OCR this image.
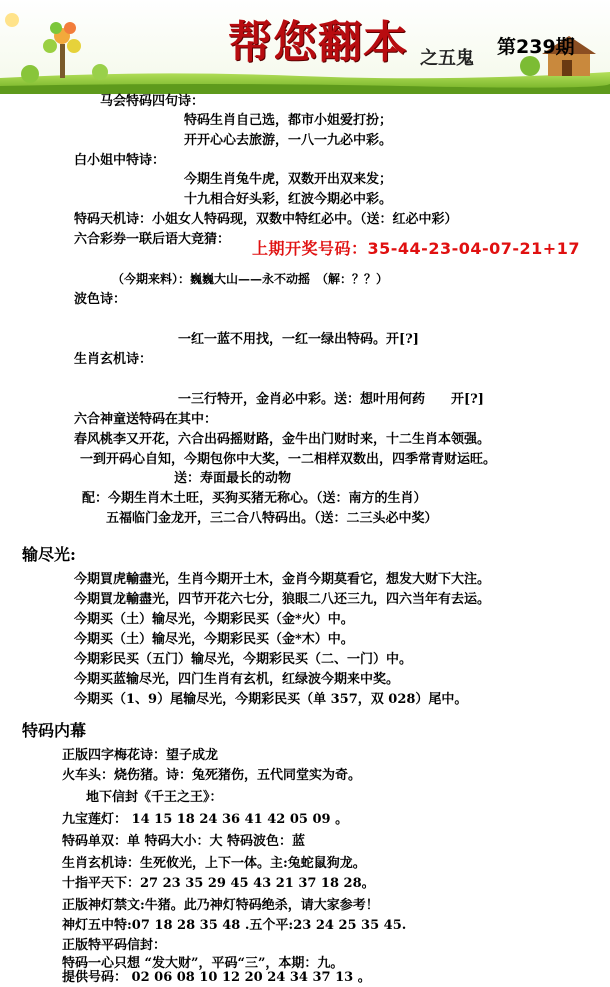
帮您翻本 之五鬼
第239期
马会特码四句诗：
特码生肖自己选，都市小姐爱打扮；
开开心心去旅游，一八一九必中彩。
白小姐中特诗：
今期生肖兔牛虎，双数开出双来发；
十九相合好头彩，红波今期必中彩。
特码天机诗：小姐女人特码现，双数中特红必中。（送：红必中彩）
六合彩券一联后语大竞猜： 上期开奖号码：35-44-23-04-07-21+17
（今期来料）：巍巍大山——永不动摇　（解：？？）
波色诗：
一红一蓝不用找，一红一绿出特码。开[?]
生肖玄机诗：
一三行特开，金肖必中彩。送：想叶用何药　　开[?]
六合神童送特码在其中：
春风桃李又开花，六合出码摇财路，金牛出门财时来，十二生肖本领强。
一到开码心自知，今期包你中大奖，一二相样双数出，四季常青财运旺。
送：寿面最长的动物
配：今期生肖木土旺，买狗买猪无称心。（送：南方的生肖）
五福临门金龙开，三二合八特码出。（送：二三头必中奖）
输尽光:
今期買虎輸盡光，生肖今期开土木，金肖今期莫看它，想发大财下大注。
今期買龙輸盡光，四节开花六七分，狼眼二八还三九，四六当年有去运。
今期买（土）输尽光，今期彩民买（金*火）中。
今期买（土）输尽光，今期彩民买（金*木）中。
今期彩民买（五门）输尽光，今期彩民买（二、一门）中。
今期买蓝输尽光，四门生肖有玄机，红绿波今期来中奖。
今期买（1、9）尾输尽光，今期彩民买（单 357，双 028）尾中。
特码内幕
正版四字梅花诗：望子成龙
火车头：烧伤猪。诗：兔死猪伤，五代同堂实为奇。
地下信封《千王之王》：
九宝莲灯： 14 15 18 24 36 41 42 05 09 。
特码单双：单 特码大小：大 特码波色：蓝
生肖玄机诗：生死攸光，上下一体。主:兔蛇鼠狗龙。
十指平天下：27 23 35 29 45 43 21 37 18 28。
正版神灯禁文:牛猪。此乃神灯特码绝杀，请大家参考！
神灯五中特:07 18 28 35 48 .五个平:23 24 25 35 45.
正版特平码信封：
特码一心只想 “发大财”，平码“三”，本期：九。
提供号码： 02 06 08 10 12 20 24 34 37 13 。
